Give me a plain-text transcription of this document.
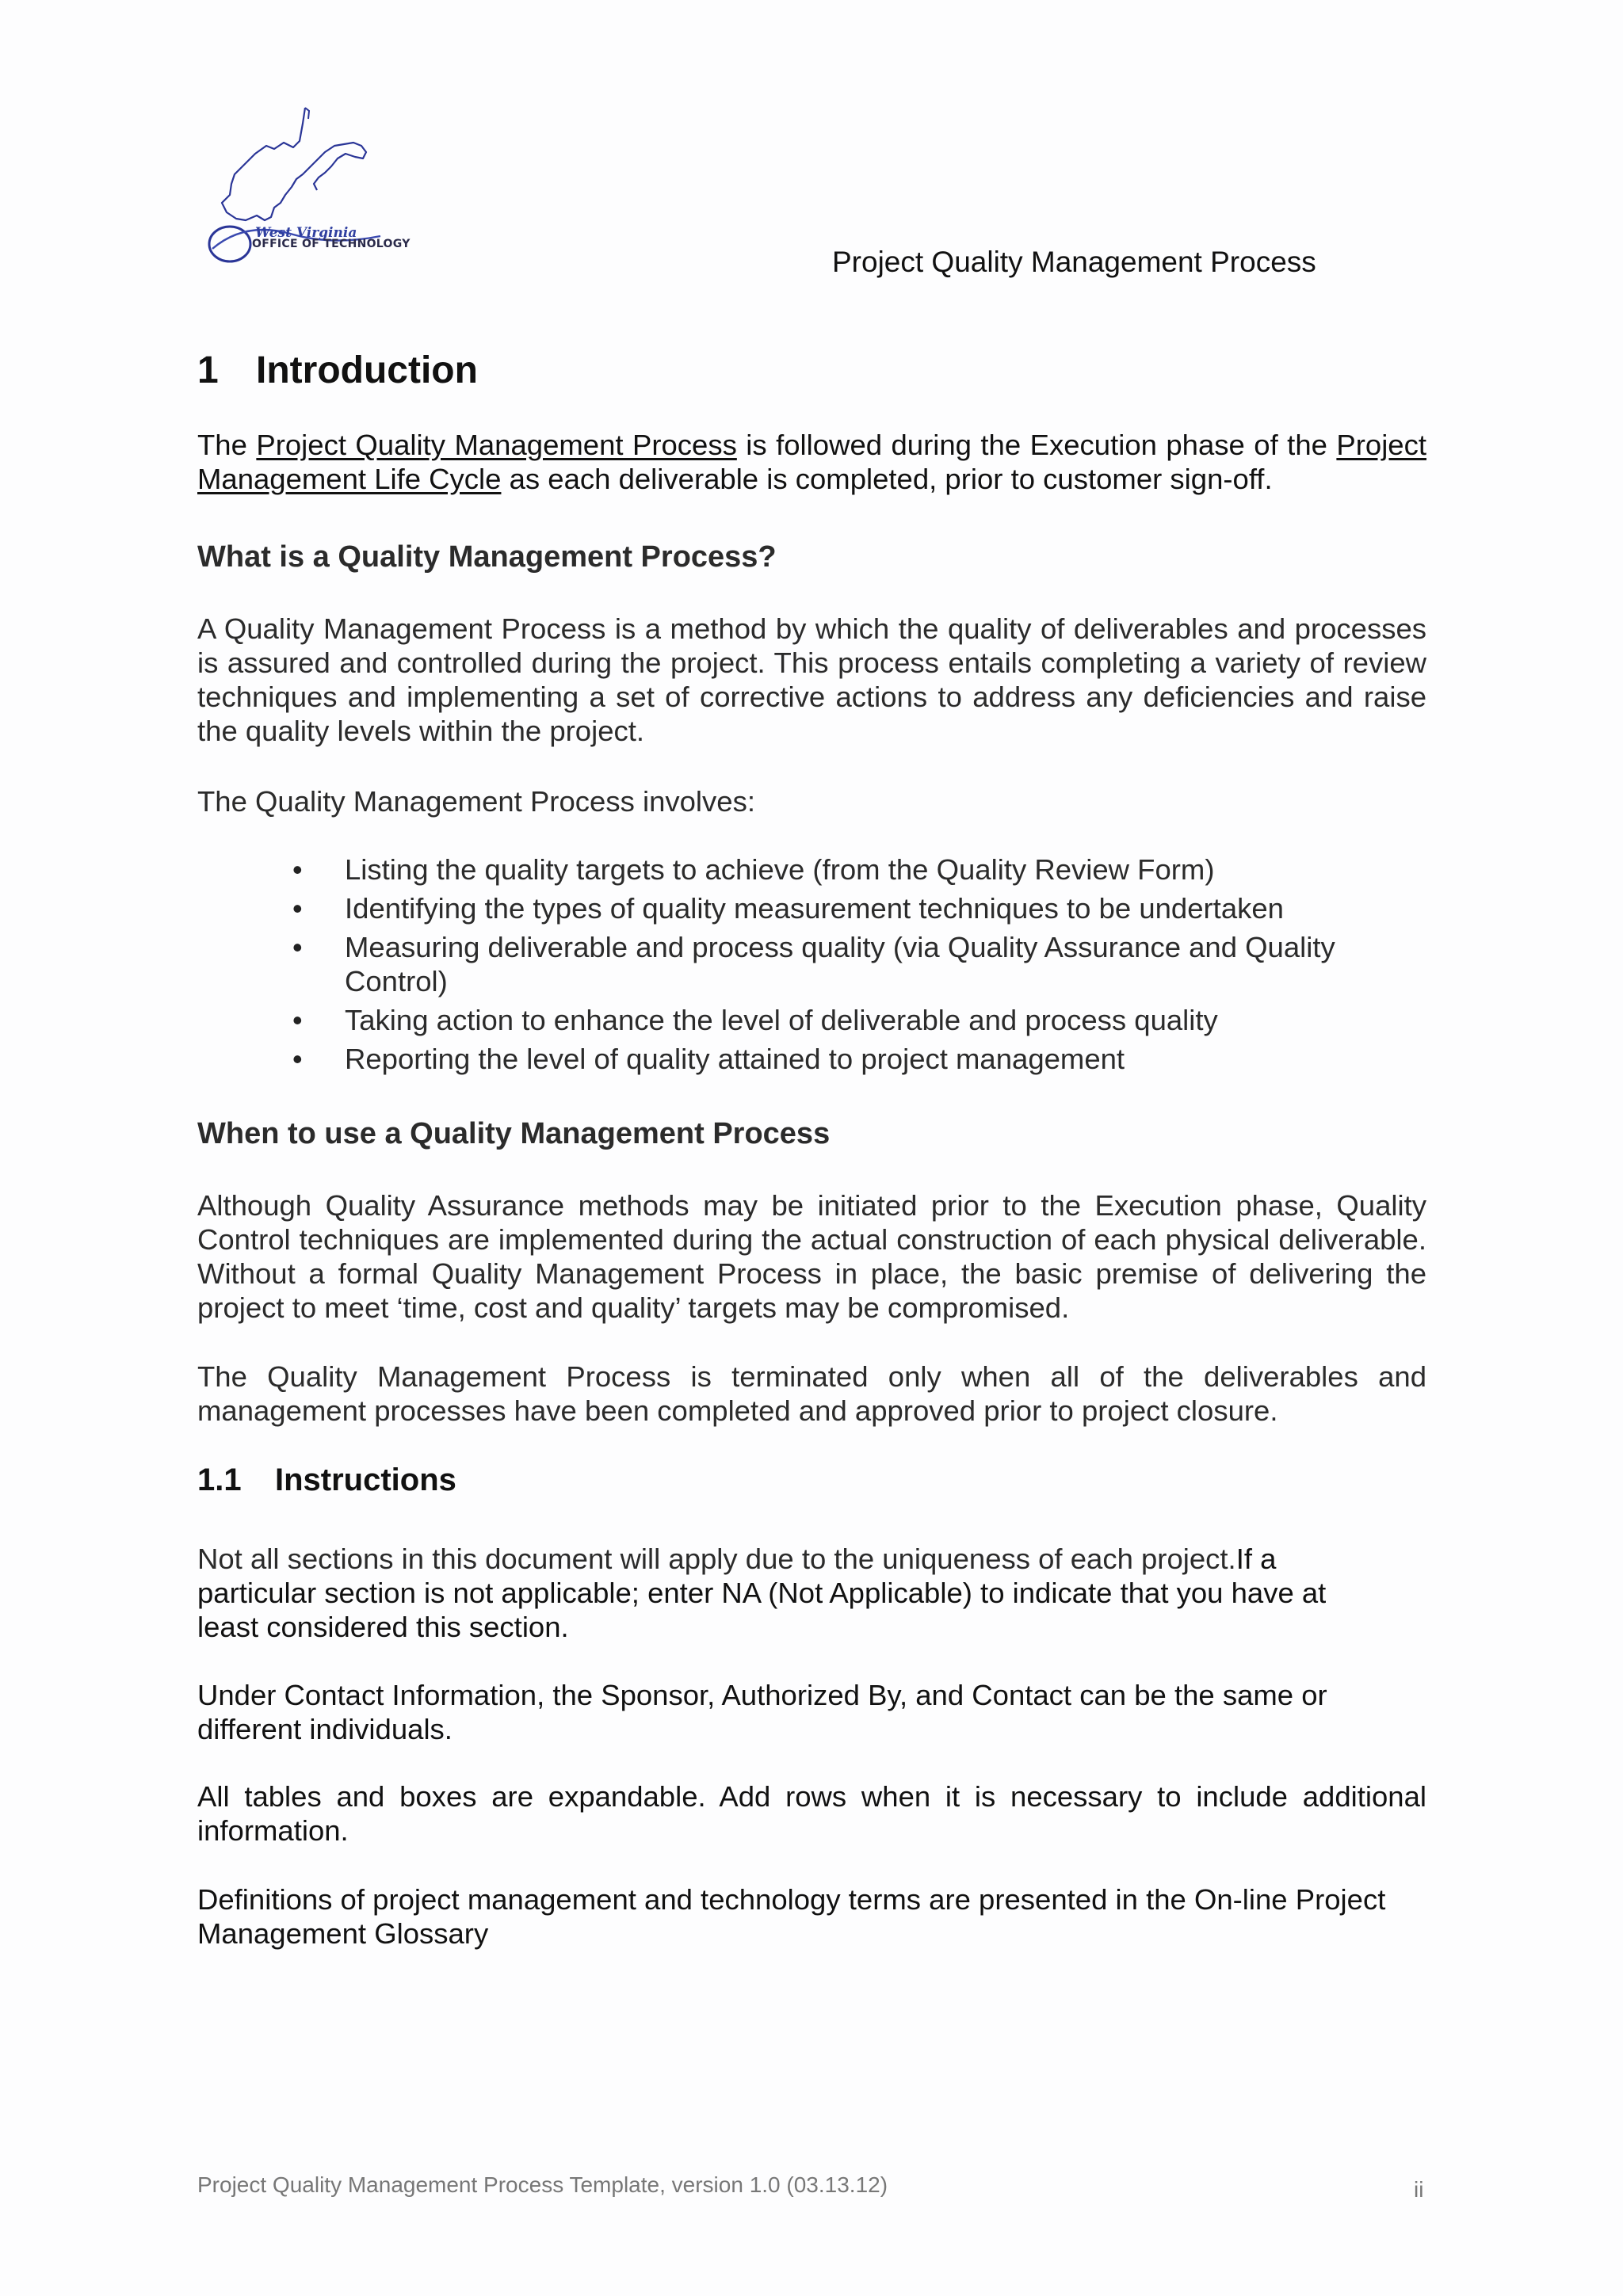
West Virginia
OFFICE OF TECHNOLOGY
Project Quality Management Process
1 Introduction

The Project Quality Management Process is followed during the Execution phase of the Project Management Life Cycle as each deliverable is completed, prior to customer sign-off.

What is a Quality Management Process?

A Quality Management Process is a method by which the quality of deliverables and processes is assured and controlled during the project. This process entails completing a variety of review techniques and implementing a set of corrective actions to address any deficiencies and raise the quality levels within the project.

The Quality Management Process involves:

• Listing the quality targets to achieve (from the Quality Review Form)
• Identifying the types of quality measurement techniques to be undertaken
• Measuring deliverable and process quality (via Quality Assurance and Quality Control)
• Taking action to enhance the level of deliverable and process quality
• Reporting the level of quality attained to project management
When to use a Quality Management Process

Although Quality Assurance methods may be initiated prior to the Execution phase, Quality Control techniques are implemented during the actual construction of each physical deliverable. Without a formal Quality Management Process in place, the basic premise of delivering the project to meet ‘time, cost and quality’ targets may be compromised.

The Quality Management Process is terminated only when all of the deliverables and management processes have been completed and approved prior to project closure.

1.1 Instructions

Not all sections in this document will apply due to the uniqueness of each project.If a particular section is not applicable; enter NA (Not Applicable) to indicate that you have at least considered this section.

Under Contact Information, the Sponsor, Authorized By, and Contact can be the same or different individuals.

All tables and boxes are expandable. Add rows when it is necessary to include additional information.

Definitions of project management and technology terms are presented in the On-line Project Management Glossary

Project Quality Management Process Template, version 1.0 (03.13.12)	ii
